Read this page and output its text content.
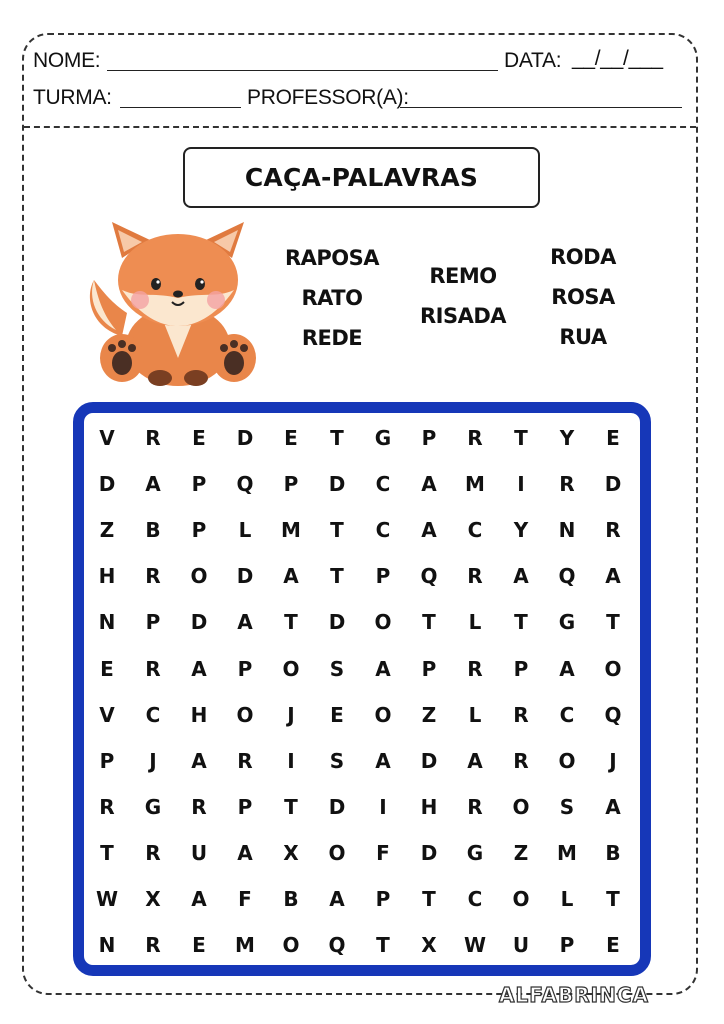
NOME:	DATA: __/__/___
TURMA:	PROFESSOR(A):
CAÇA-PALAVRAS
RAPOSA
RATO
REDE
REMO
RISADA
RODA
ROSA
RUA
V	R	E	D	E	T	G	P	R	T	Y	E
D	A	P	Q	P	D	C	A	M	I	R	D
Z	B	P	L	M	T	C	A	C	Y	N	R
H	R	O	D	A	T	P	Q	R	A	Q	A
N	P	D	A	T	D	O	T	L	T	G	T
E	R	A	P	O	S	A	P	R	P	A	O
V	C	H	O	J	E	O	Z	L	R	C	Q
P	J	A	R	I	S	A	D	A	R	O	J
R	G	R	P	T	D	I	H	R	O	S	A
T	R	U	A	X	O	F	D	G	Z	M	B
W	X	A	F	B	A	P	T	C	O	L	T
N	R	E	M	O	Q	T	X	W	U	P	E
ALFABRINCA
